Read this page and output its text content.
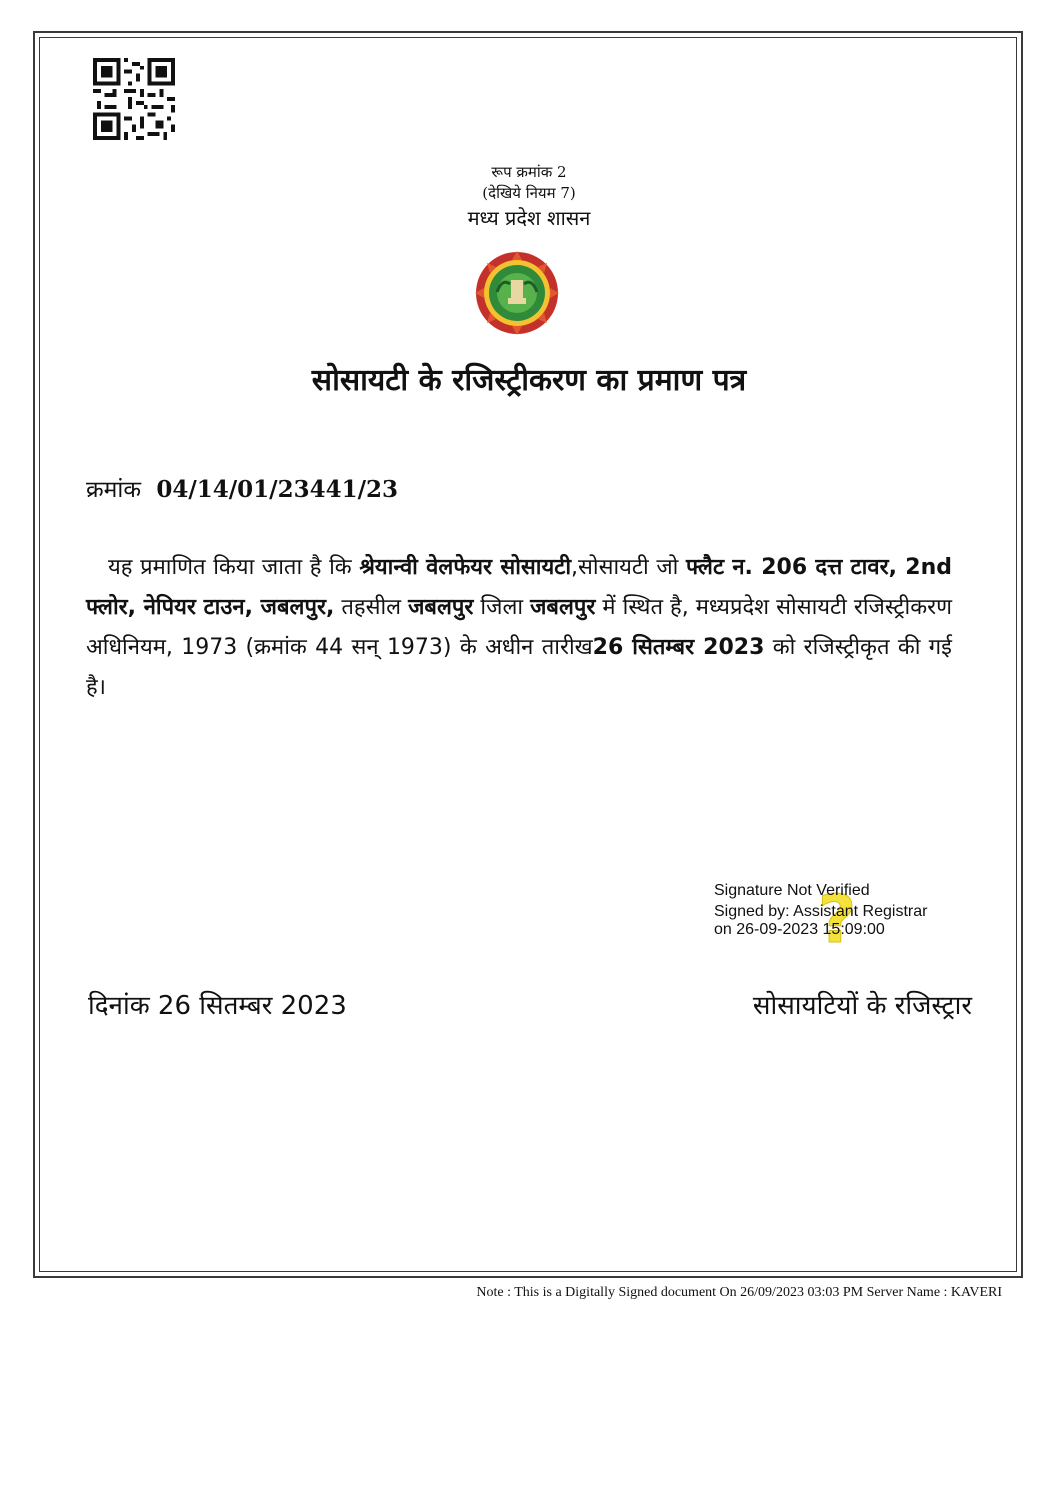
रूप क्रमांक 2
(देखिये नियम 7)
मध्य प्रदेश शासन
सोसायटी के रजिस्ट्रीकरण का प्रमाण पत्र
क्रमांक 04/14/01/23441/23
यह प्रमाणित किया जाता है कि श्रेयान्वी वेलफेयर सोसायटी,सोसायटी जो फ्लैट न. 206 दत्त टावर, 2nd फ्लोर, नेपियर टाउन, जबलपुर, तहसील जबलपुर जिला जबलपुर में स्थित है, मध्यप्रदेश सोसायटी रजिस्ट्रीकरण अधिनियम, 1973 (क्रमांक 44 सन् 1973) के अधीन तारीख26 सितम्बर 2023 को रजिस्ट्रीकृत की गई है।
?
Signature Not Verified
Signed by: Assistant Registrar
on 26-09-2023 15:09:00
दिनांक 26 सितम्बर 2023	सोसायटियों के रजिस्ट्रार
Note : This is a Digitally Signed document On 26/09/2023 03:03 PM Server Name : KAVERI
